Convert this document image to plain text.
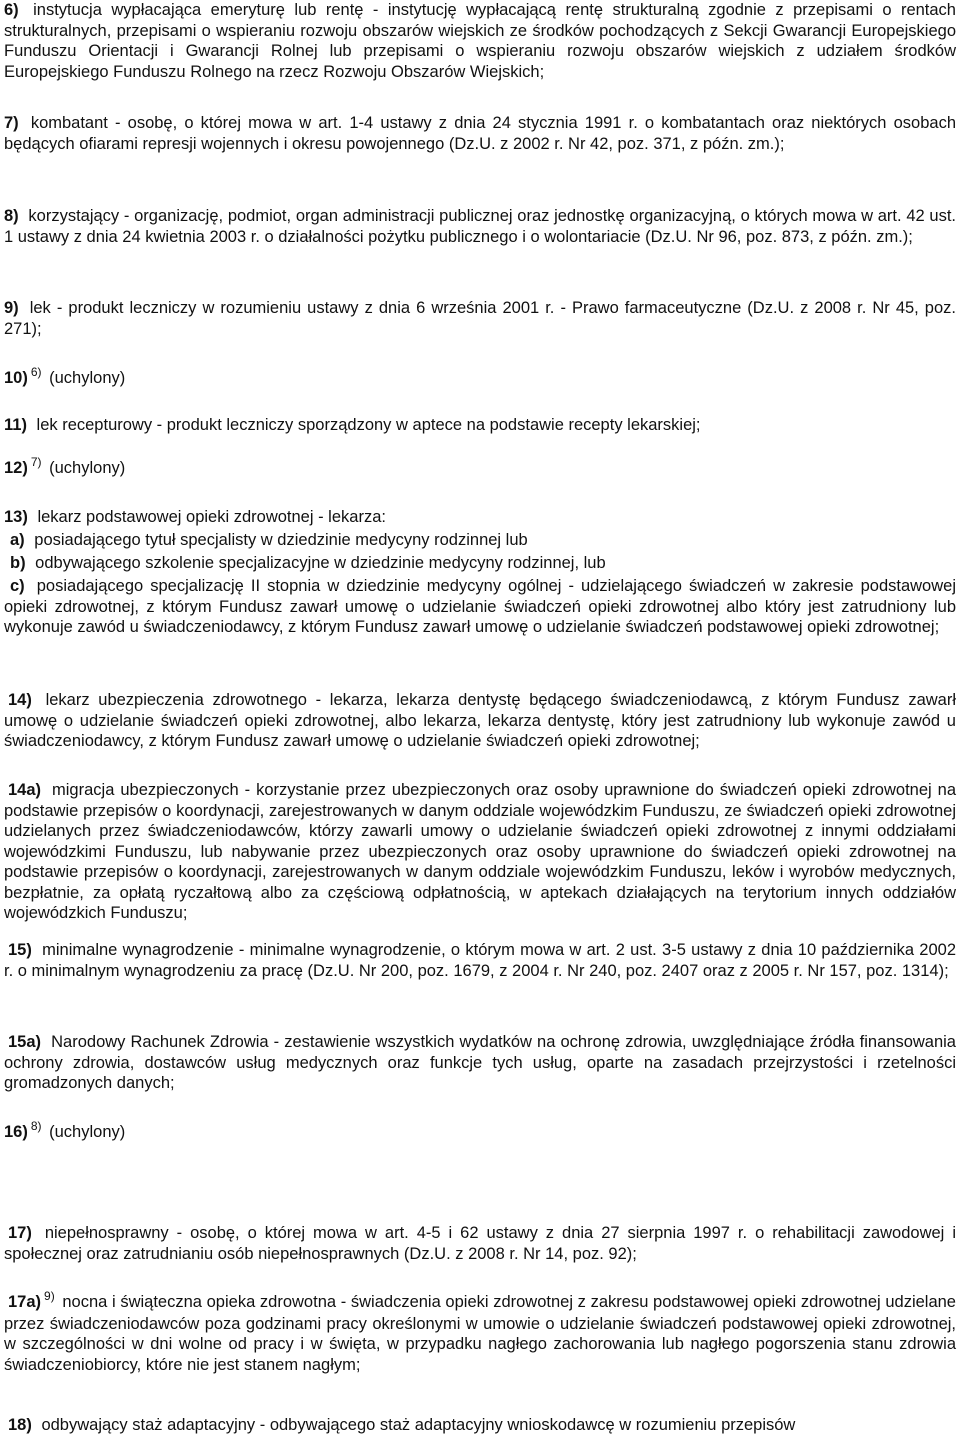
6) instytucja wypłacająca emeryturę lub rentę - instytucję wypłacającą rentę strukturalną zgodnie z przepisami o rentach strukturalnych, przepisami o wspieraniu rozwoju obszarów wiejskich ze środków pochodzących z Sekcji Gwarancji Europejskiego Funduszu Orientacji i Gwarancji Rolnej lub przepisami o wspieraniu rozwoju obszarów wiejskich z udziałem środków Europejskiego Funduszu Rolnego na rzecz Rozwoju Obszarów Wiejskich;
7) kombatant - osobę, o której mowa w art. 1-4 ustawy z dnia 24 stycznia 1991 r. o kombatantach oraz niektórych osobach będących ofiarami represji wojennych i okresu powojennego (Dz.U. z 2002 r. Nr 42, poz. 371, z późn. zm.);
8) korzystający - organizację, podmiot, organ administracji publicznej oraz jednostkę organizacyjną, o których mowa w art. 42 ust. 1 ustawy z dnia 24 kwietnia 2003 r. o działalności pożytku publicznego i o wolontariacie (Dz.U. Nr 96, poz. 873, z późn. zm.);
9) lek - produkt leczniczy w rozumieniu ustawy z dnia 6 września 2001 r. - Prawo farmaceutyczne (Dz.U. z 2008 r. Nr 45, poz. 271);
10) $^{6)}$ (uchylony)
11) lek recepturowy - produkt leczniczy sporządzony w aptece na podstawie recepty lekarskiej;
12) $^{7)}$ (uchylony)
13) lekarz podstawowej opieki zdrowotnej - lekarza:
a) posiadającego tytuł specjalisty w dziedzinie medycyny rodzinnej lub
b) odbywającego szkolenie specjalizacyjne w dziedzinie medycyny rodzinnej, lub
c) posiadającego specjalizację II stopnia w dziedzinie medycyny ogólnej - udzielającego świadczeń w zakresie podstawowej opieki zdrowotnej, z którym Fundusz zawarł umowę o udzielanie świadczeń opieki zdrowotnej albo który jest zatrudniony lub wykonuje zawód u świadczeniodawcy, z którym Fundusz zawarł umowę o udzielanie świadczeń podstawowej opieki zdrowotnej;
14) lekarz ubezpieczenia zdrowotnego - lekarza, lekarza dentystę będącego świadczeniodawcą, z którym Fundusz zawarł umowę o udzielanie świadczeń opieki zdrowotnej, albo lekarza, lekarza dentystę, który jest zatrudniony lub wykonuje zawód u świadczeniodawcy, z którym Fundusz zawarł umowę o udzielanie świadczeń opieki zdrowotnej;
14a) migracja ubezpieczonych - korzystanie przez ubezpieczonych oraz osoby uprawnione do świadczeń opieki zdrowotnej na podstawie przepisów o koordynacji, zarejestrowanych w danym oddziale wojewódzkim Funduszu, ze świadczeń opieki zdrowotnej udzielanych przez świadczeniodawców, którzy zawarli umowy o udzielanie świadczeń opieki zdrowotnej z innymi oddziałami wojewódzkimi Funduszu, lub nabywanie przez ubezpieczonych oraz osoby uprawnione do świadczeń opieki zdrowotnej na podstawie przepisów o koordynacji, zarejestrowanych w danym oddziale wojewódzkim Funduszu, leków i wyrobów medycznych, bezpłatnie, za opłatą ryczałtową albo za częściową odpłatnością, w aptekach działających na terytorium innych oddziałów wojewódzkich Funduszu;
15) minimalne wynagrodzenie - minimalne wynagrodzenie, o którym mowa w art. 2 ust. 3-5 ustawy z dnia 10 października 2002 r. o minimalnym wynagrodzeniu za pracę (Dz.U. Nr 200, poz. 1679, z 2004 r. Nr 240, poz. 2407 oraz z 2005 r. Nr 157, poz. 1314);
15a) Narodowy Rachunek Zdrowia - zestawienie wszystkich wydatków na ochronę zdrowia, uwzględniające źródła finansowania ochrony zdrowia, dostawców usług medycznych oraz funkcje tych usług, oparte na zasadach przejrzystości i rzetelności gromadzonych danych;
16) $^{8)}$ (uchylony)
17) niepełnosprawny - osobę, o której mowa w art. 4-5 i 62 ustawy z dnia 27 sierpnia 1997 r. o rehabilitacji zawodowej i społecznej oraz zatrudnianiu osób niepełnosprawnych (Dz.U. z 2008 r. Nr 14, poz. 92);
17a) $^{9)}$ nocna i świąteczna opieka zdrowotna - świadczenia opieki zdrowotnej z zakresu podstawowej opieki zdrowotnej udzielane przez świadczeniodawców poza godzinami pracy określonymi w umowie o udzielanie świadczeń podstawowej opieki zdrowotnej, w szczególności w dni wolne od pracy i w święta, w przypadku nagłego zachorowania lub nagłego pogorszenia stanu zdrowia świadczeniobiorcy, które nie jest stanem nagłym;
18) odbywający staż adaptacyjny - odbywającego staż adaptacyjny wnioskodawcę w rozumieniu przepisów
